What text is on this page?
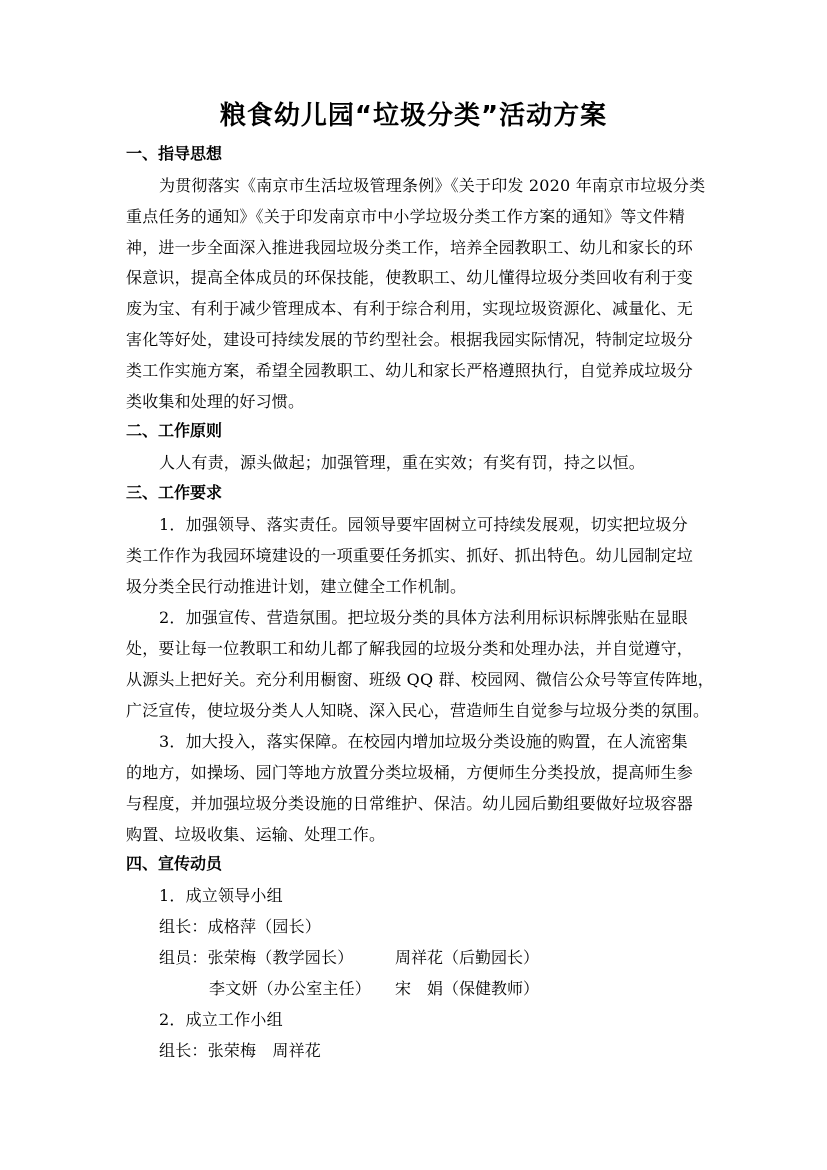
粮食幼儿园“垃圾分类”活动方案
一、指导思想
为贯彻落实《南京市生活垃圾管理条例》《关于印发 2020 年南京市垃圾分类
重点任务的通知》《关于印发南京市中小学垃圾分类工作方案的通知》等文件精
神，进一步全面深入推进我园垃圾分类工作，培养全园教职工、幼儿和家长的环
保意识，提高全体成员的环保技能，使教职工、幼儿懂得垃圾分类回收有利于变
废为宝、有利于减少管理成本、有利于综合利用，实现垃圾资源化、减量化、无
害化等好处，建设可持续发展的节约型社会。根据我园实际情况，特制定垃圾分
类工作实施方案，希望全园教职工、幼儿和家长严格遵照执行，自觉养成垃圾分
类收集和处理的好习惯。
二、工作原则
人人有责，源头做起；加强管理，重在实效；有奖有罚，持之以恒。
三、工作要求
1．加强领导、落实责任。园领导要牢固树立可持续发展观，切实把垃圾分
类工作作为我园环境建设的一项重要任务抓实、抓好、抓出特色。幼儿园制定垃
圾分类全民行动推进计划，建立健全工作机制。
2．加强宣传、营造氛围。把垃圾分类的具体方法利用标识标牌张贴在显眼
处，要让每一位教职工和幼儿都了解我园的垃圾分类和处理办法，并自觉遵守，
从源头上把好关。充分利用橱窗、班级 QQ 群、校园网、微信公众号等宣传阵地，
广泛宣传，使垃圾分类人人知晓、深入民心，营造师生自觉参与垃圾分类的氛围。
3．加大投入，落实保障。在校园内增加垃圾分类设施的购置，在人流密集
的地方，如操场、园门等地方放置分类垃圾桶，方便师生分类投放，提高师生参
与程度，并加强垃圾分类设施的日常维护、保洁。幼儿园后勤组要做好垃圾容器
购置、垃圾收集、运输、处理工作。
四、宣传动员
1．成立领导小组
组长：成格萍（园长）
组员：张荣梅（教学园长）	周祥花（后勤园长）
李文妍（办公室主任） 宋　娟（保健教师）
2．成立工作小组
组长：张荣梅　周祥花
